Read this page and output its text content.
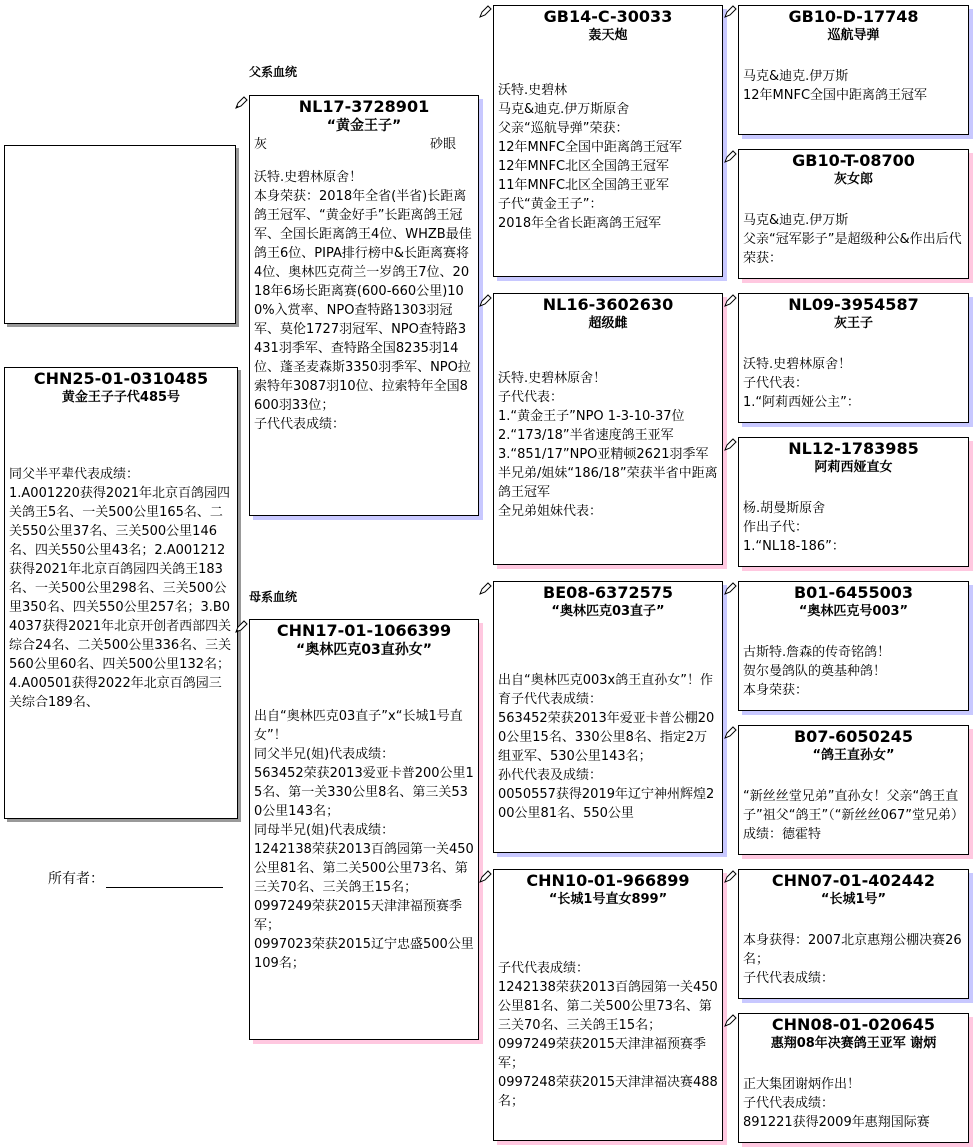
父系血统
母系血统
CHN25-01-0310485
黄金王子子代485号
同父半平辈代表成绩：
1.A001220获得2021年北京百鸽园四关鸽王5名、一关500公里165名、二关550公里37名、三关500公里146名、四关550公里43名；2.A001212获得2021年北京百鸽园四关鸽王183名、一关500公里298名、三关500公里350名、四关550公里257名；3.B04037获得2021年北京开创者西部四关综合24名、二关500公里336名、三关560公里60名、四关500公里132名；4.A00501获得2022年北京百鸽园三关综合189名、
所有者：
NL17-3728901
“黄金王子”
灰	砂眼
沃特.史碧林原舍！
本身荣获：2018年全省(半省)长距离鸽王冠军、“黄金好手”长距离鸽王冠军、全国长距离鸽王4位、WHZB最佳鸽王6位、PIPA排行榜中&长距离赛将4位、奥林匹克荷兰一岁鸽王7位、2018年6场长距离赛(600-660公里)100%入赏率、NPO查特路1303羽冠军、莫伦1727羽冠军、NPO查特路3431羽季军、查特路全国8235羽14位、蓬圣麦森斯3350羽季军、NPO拉索特年3087羽10位、拉索特年全国8600羽33位；
子代代表成绩：
CHN17-01-1066399
“奥林匹克03直孙女”
出自“奥林匹克03直子”x“长城1号直女”！
同父半兄(姐)代表成绩：
563452荣获2013爱亚卡普200公里15名、第一关330公里8名、第三关530公里143名；
同母半兄(姐)代表成绩：
1242138荣获2013百鸽园第一关450公里81名、第二关500公里73名、第三关70名、三关鸽王15名；
0997249荣获2015天津津福预赛季军；
0997023荣获2015辽宁忠盛500公里109名；
GB14-C-30033
轰天炮
沃特.史碧林
马克&迪克.伊万斯原舍
父亲“巡航导弹”荣获：
12年MNFC全国中距离鸽王冠军
12年MNFC北区全国鸽王冠军
11年MNFC北区全国鸽王亚军
子代“黄金王子”：
2018年全省长距离鸽王冠军
NL16-3602630
超级雌
沃特.史碧林原舍！
子代代表：
1.“黄金王子”NPO 1-3-10-37位
2.“173/18”半省速度鸽王亚军
3.“851/17”NPO亚精顿2621羽季军
半兄弟/姐妹“186/18”荣获半省中距离鸽王冠军
全兄弟姐妹代表：
BE08-6372575
“奥林匹克03直子”
出自“奥林匹克003x鸽王直孙女”！作育子代代表成绩：
563452荣获2013年爱亚卡普公棚200公里15名、330公里8名、指定2万组亚军、530公里143名；
孙代代表及成绩：
0050557获得2019年辽宁神州辉煌200公里81名、550公里
CHN10-01-966899
“长城1号直女899”
子代代表成绩：
1242138荣获2013百鸽园第一关450公里81名、第二关500公里73名、第三关70名、三关鸽王15名；
0997249荣获2015天津津福预赛季军；
0997248荣获2015天津津福决赛488名；
GB10-D-17748
巡航导弹
马克&迪克.伊万斯
12年MNFC全国中距离鸽王冠军
GB10-T-08700
灰女郎
马克&迪克.伊万斯
父亲“冠军影子”是超级种公&作出后代荣获：
NL09-3954587
灰王子
沃特.史碧林原舍！
子代代表：
1.“阿莉西娅公主”：
NL12-1783985
阿莉西娅直女
杨.胡曼斯原舍
作出子代：
1.“NL18-186”：
B01-6455003
“奥林匹克号003”
古斯特.詹森的传奇铭鸽！
贺尔曼鸽队的奠基种鸽！
本身荣获：
B07-6050245
“鸽王直孙女”
“新丝丝堂兄弟”直孙女！父亲“鸽王直子”祖父“鸽王”（“新丝丝067”堂兄弟）成绩：德霍特
CHN07-01-402442
“长城1号”
本身获得：2007北京惠翔公棚决赛26名；
子代代表成绩：
CHN08-01-020645
惠翔08年决赛鸽王亚军 谢炳
正大集团谢炳作出！
子代代表成绩：
891221获得2009年惠翔国际赛
